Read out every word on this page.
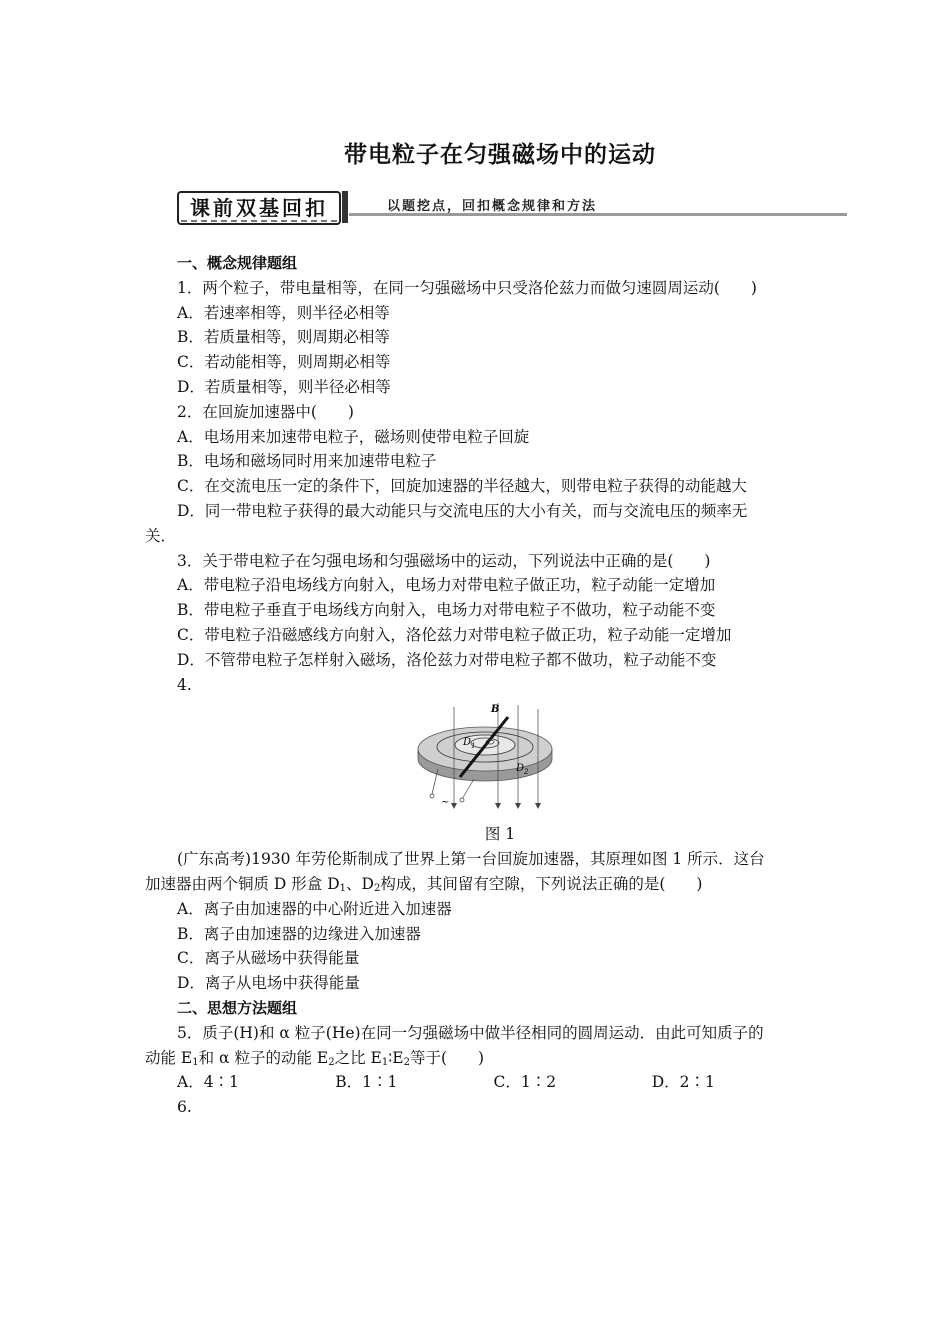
带电粒子在匀强磁场中的运动
课前双基回扣	以题挖点，回扣概念规律和方法
一、概念规律题组
1．两个粒子，带电量相等，在同一匀强磁场中只受洛伦兹力而做匀速圆周运动(　　)
A．若速率相等，则半径必相等
B．若质量相等，则周期必相等
C．若动能相等，则周期必相等
D．若质量相等，则半径必相等
2．在回旋加速器中(　　)
A．电场用来加速带电粒子，磁场则使带电粒子回旋
B．电场和磁场同时用来加速带电粒子
C．在交流电压一定的条件下，回旋加速器的半径越大，则带电粒子获得的动能越大
D．同一带电粒子获得的最大动能只与交流电压的大小有关，而与交流电压的频率无
关．
3．关于带电粒子在匀强电场和匀强磁场中的运动，下列说法中正确的是(　　)
A．带电粒子沿电场线方向射入，电场力对带电粒子做正功，粒子动能一定增加
B．带电粒子垂直于电场线方向射入，电场力对带电粒子不做功，粒子动能不变
C．带电粒子沿磁感线方向射入，洛伦兹力对带电粒子做正功，粒子动能一定增加
D．不管带电粒子怎样射入磁场，洛伦兹力对带电粒子都不做功，粒子动能不变
4.
~
B
$D_1$
$D_2$
图 1
(广东高考)1930 年劳伦斯制成了世界上第一台回旋加速器，其原理如图 1 所示．这台
加速器由两个铜质 D 形盒 $D_1$、$D_2$构成，其间留有空隙，下列说法正确的是(　　)
A．离子由加速器的中心附近进入加速器
B．离子由加速器的边缘进入加速器
C．离子从磁场中获得能量
D．离子从电场中获得能量
二、思想方法题组
5．质子(H)和 α 粒子(He)在同一匀强磁场中做半径相同的圆周运动．由此可知质子的
动能 $E_1$和 α 粒子的动能 $E_2$之比 $E_1∶E_2$等于(　　)
A．4∶1	B．1∶1	C．1∶2	D．2∶1
6.
